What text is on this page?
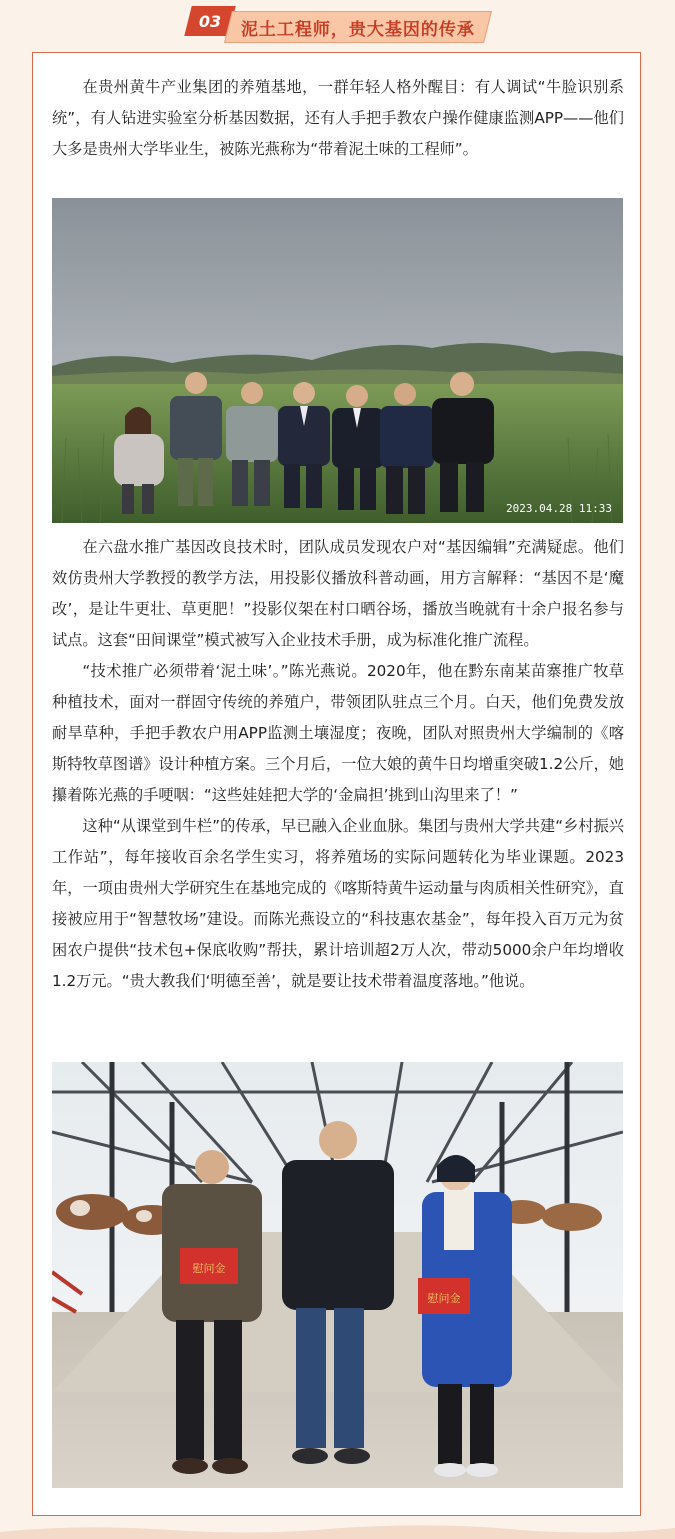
03 泥土工程师，贵大基因的传承

在贵州黄牛产业集团的养殖基地，一群年轻人格外醒目：有人调试“牛脸识别系统”，有人钻进实验室分析基因数据，还有人手把手教农户操作健康监测APP——他们大多是贵州大学毕业生，被陈光燕称为“带着泥土味的工程师”。

2023.04.28 11:33

在六盘水推广基因改良技术时，团队成员发现农户对“基因编辑”充满疑虑。他们效仿贵州大学教授的教学方法，用投影仪播放科普动画，用方言解释：“基因不是‘魔改’，是让牛更壮、草更肥！”投影仪架在村口晒谷场，播放当晚就有十余户报名参与试点。这套“田间课堂”模式被写入企业技术手册，成为标准化推广流程。

“技术推广必须带着‘泥土味’。”陈光燕说。2020年，他在黔东南某苗寨推广牧草种植技术，面对一群固守传统的养殖户，带领团队驻点三个月。白天，他们免费发放耐旱草种，手把手教农户用APP监测土壤湿度；夜晚，团队对照贵州大学编制的《喀斯特牧草图谱》设计种植方案。三个月后，一位大娘的黄牛日均增重突破1.2公斤，她攥着陈光燕的手哽咽：“这些娃娃把大学的‘金扁担’挑到山沟里来了！”

这种“从课堂到牛栏”的传承，早已融入企业血脉。集团与贵州大学共建“乡村振兴工作站”，每年接收百余名学生实习，将养殖场的实际问题转化为毕业课题。2023年，一项由贵州大学研究生在基地完成的《喀斯特黄牛运动量与肉质相关性研究》，直接被应用于“智慧牧场”建设。而陈光燕设立的“科技惠农基金”，每年投入百万元为贫困农户提供“技术包+保底收购”帮扶，累计培训超2万人次，带动5000余户年均增收1.2万元。“贵大教我们‘明德至善’，就是要让技术带着温度落地。”他说。

慰问金
慰问金
